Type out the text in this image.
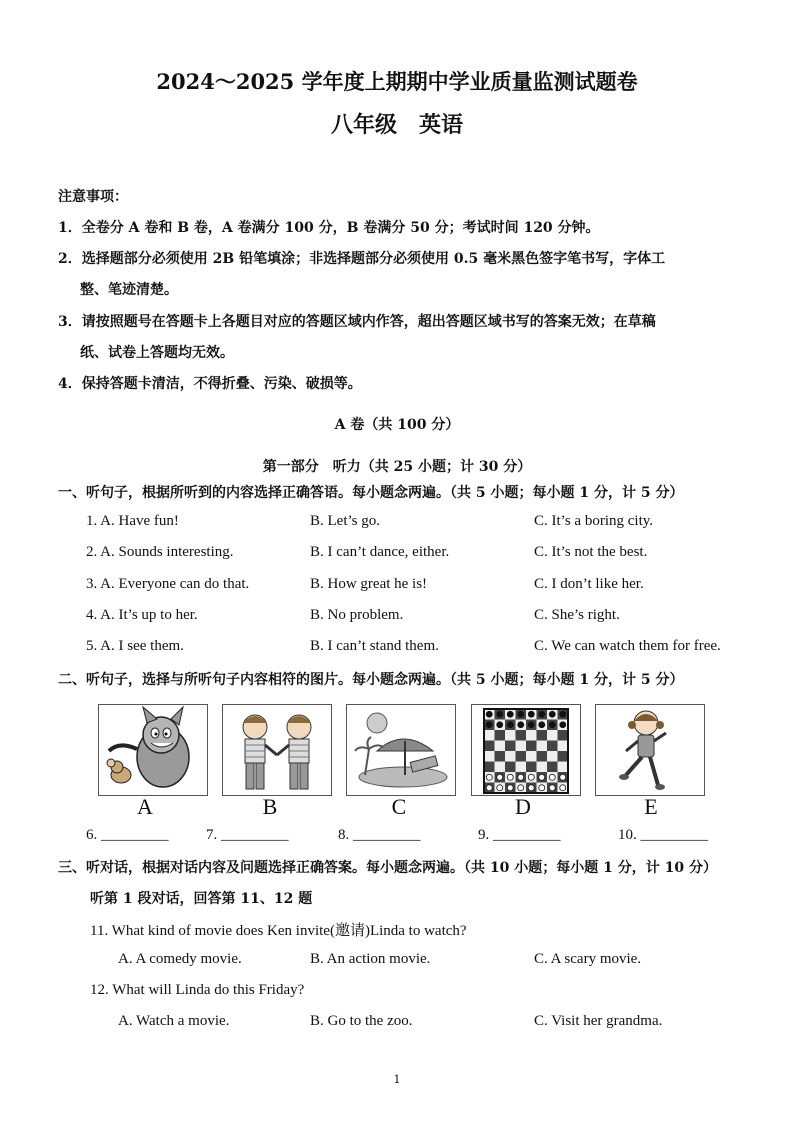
2024～2025 学年度上期期中学业质量监测试题卷
八年级 英语
注意事项：
1．全卷分 A 卷和 B 卷，A 卷满分 100 分，B 卷满分 50 分；考试时间 120 分钟。
2．选择题部分必须使用 2B 铅笔填涂；非选择题部分必须使用 0.5 毫米黑色签字笔书写，字体工
整、笔迹清楚。
3．请按照题号在答题卡上各题目对应的答题区域内作答，超出答题区域书写的答案无效；在草稿
纸、试卷上答题均无效。
4．保持答题卡清洁，不得折叠、污染、破损等。
A 卷（共 100 分）
第一部分　听力（共 25 小题；计 30 分）
一、听句子，根据所听到的内容选择正确答语。每小题念两遍。（共 5 小题；每小题 1 分，计 5 分）
1. A. Have fun!	B. Let’s go.	C. It’s a boring city.
2. A. Sounds interesting.	B. I can’t dance, either.	C. It’s not the best.
3. A. Everyone can do that.	B. How great he is!	C. I don’t like her.
4. A. It’s up to her.	B. No problem.	C. She’s right.
5. A. I see them.	B. I can’t stand them.	C. We can watch them for free.
二、听句子，选择与所听句子内容相符的图片。每小题念两遍。（共 5 小题；每小题 1 分，计 5 分）
A	B	C	D	E
6. _________	7. _________	8. _________	9. _________	10. _________
三、听对话，根据对话内容及问题选择正确答案。每小题念两遍。（共 10 小题；每小题 1 分，计 10 分）
听第 1 段对话，回答第 11、12 题
11. What kind of movie does Ken invite(邀请)Linda to watch?
A. A comedy movie.	B. An action movie.	C. A scary movie.
12. What will Linda do this Friday?
A. Watch a movie.	B. Go to the zoo.	C. Visit her grandma.
1
